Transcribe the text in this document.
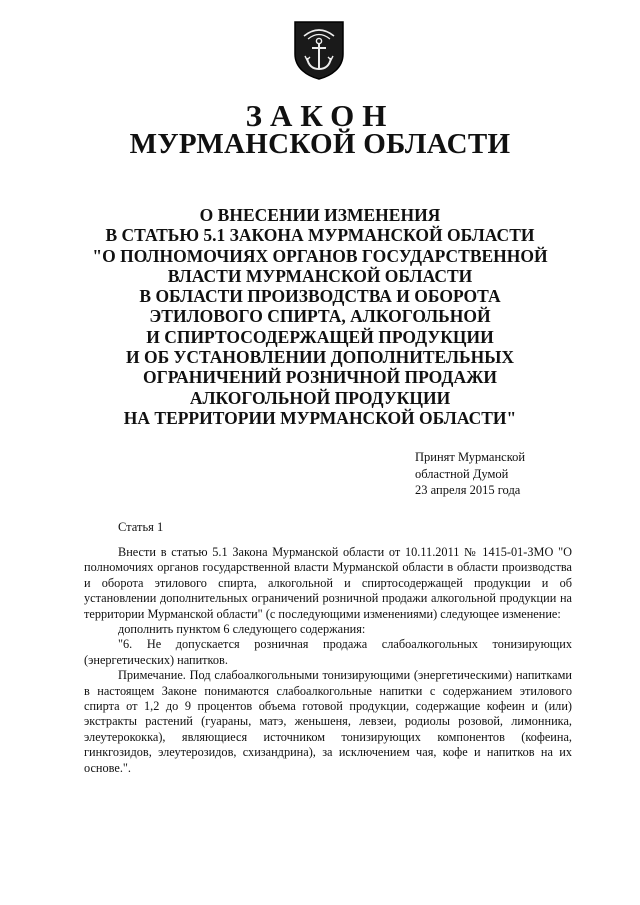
ЗАКОН
МУРМАНСКОЙ ОБЛАСТИ
О ВНЕСЕНИИ ИЗМЕНЕНИЯ
В СТАТЬЮ 5.1 ЗАКОНА МУРМАНСКОЙ ОБЛАСТИ
"О ПОЛНОМОЧИЯХ ОРГАНОВ ГОСУДАРСТВЕННОЙ
ВЛАСТИ МУРМАНСКОЙ ОБЛАСТИ
В ОБЛАСТИ ПРОИЗВОДСТВА И ОБОРОТА
ЭТИЛОВОГО СПИРТА, АЛКОГОЛЬНОЙ
И СПИРТОСОДЕРЖАЩЕЙ ПРОДУКЦИИ
И ОБ УСТАНОВЛЕНИИ ДОПОЛНИТЕЛЬНЫХ
ОГРАНИЧЕНИЙ РОЗНИЧНОЙ ПРОДАЖИ
АЛКОГОЛЬНОЙ ПРОДУКЦИИ
НА ТЕРРИТОРИИ МУРМАНСКОЙ ОБЛАСТИ"
Принят Мурманской
областной Думой
23 апреля 2015 года
Статья 1

Внести в статью 5.1 Закона Мурманской области от 10.11.2011 № 1415-01-ЗМО "О полномочиях органов государственной власти Мурманской области в области производства и оборота этилового спирта, алкогольной и спиртосодержащей продукции и об установлении дополнительных ограничений розничной продажи алкогольной продукции на территории Мурманской области" (с последующими изменениями) следующее изменение:

дополнить пунктом 6 следующего содержания:

"6. Не допускается розничная продажа слабоалкогольных тонизирующих (энергетических) напитков.

Примечание. Под слабоалкогольными тонизирующими (энергетическими) напитками в настоящем Законе понимаются слабоалкогольные напитки с содержанием этилового спирта от 1,2 до 9 процентов объема готовой продукции, содержащие кофеин и (или) экстракты растений (гуараны, матэ, женьшеня, левзеи, родиолы розовой, лимонника, элеутерококка), являющиеся источником тонизирующих компонентов (кофеина, гинкгозидов, элеутерозидов, схизандрина), за исключением чая, кофе и напитков на их основе.".
